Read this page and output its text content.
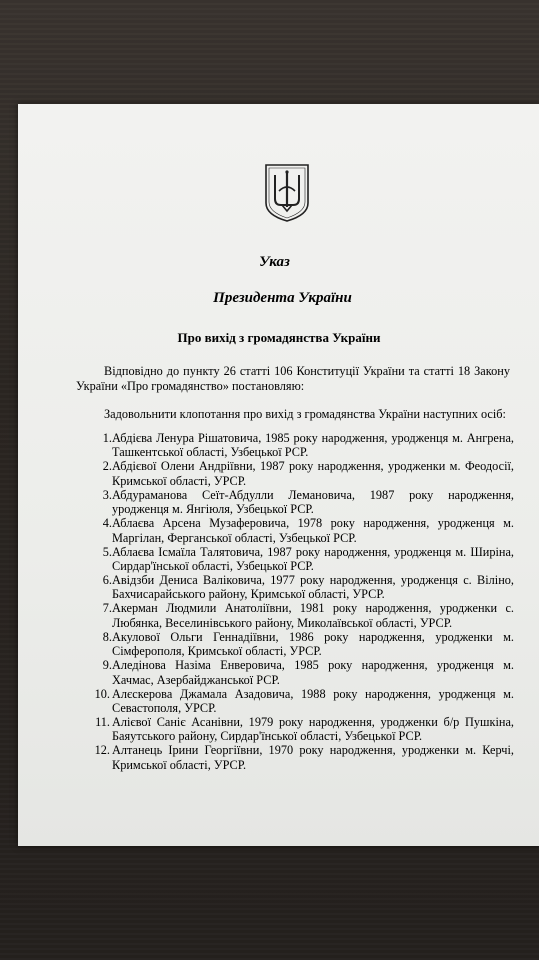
Указ
Президента України
Про вихід з громадянства України

Відповідно до пункту 26 статті 106 Конституції України та статті 18 Закону України «Про громадянство» постановляю:

Задовольнити клопотання про вихід з громадянства України наступних осіб:

1. Абдієва Ленура Рішатовича, 1985 року народження, уродженця м. Ангрена, Ташкентської області, Узбецької РСР.
2. Абдієвої Олени Андріївни, 1987 року народження, уродженки м. Феодосії, Кримської області, УРСР.
3. Абдураманова Сеїт-Абдулли Лемановича, 1987 року народження, уродженця м. Янгіюля, Узбецької РСР.
4. Аблаєва Арсена Музаферовича, 1978 року народження, уродженця м. Маргілан, Ферганської області, Узбецької РСР.
5. Аблаєва Ісмаїла Талятовича, 1987 року народження, уродженця м. Ширіна, Сирдар'їнської області, Узбецької РСР.
6. Авідзби Дениса Валіковича, 1977 року народження, уродженця с. Віліно, Бахчисарайського району, Кримської області, УРСР.
7. Акерман Людмили Анатоліївни, 1981 року народження, уродженки с. Любянка, Веселинівського району, Миколаївської області, УРСР.
8. Акулової Ольги Геннадіївни, 1986 року народження, уродженки м. Сімферополя, Кримської області, УРСР.
9. Аледінова Назіма Енверовича, 1985 року народження, уродженця м. Хачмас, Азербайджанської РСР.
10. Алєскерова Джамала Азадовича, 1988 року народження, уродженця м. Севастополя, УРСР.
11. Алієвої Саніє Асанівни, 1979 року народження, уродженки б/р Пушкіна, Баяутського району, Сирдар'їнської області, Узбецької РСР.
12. Алтанець Ірини Георгіївни, 1970 року народження, уродженки м. Керчі, Кримської області, УРСР.
